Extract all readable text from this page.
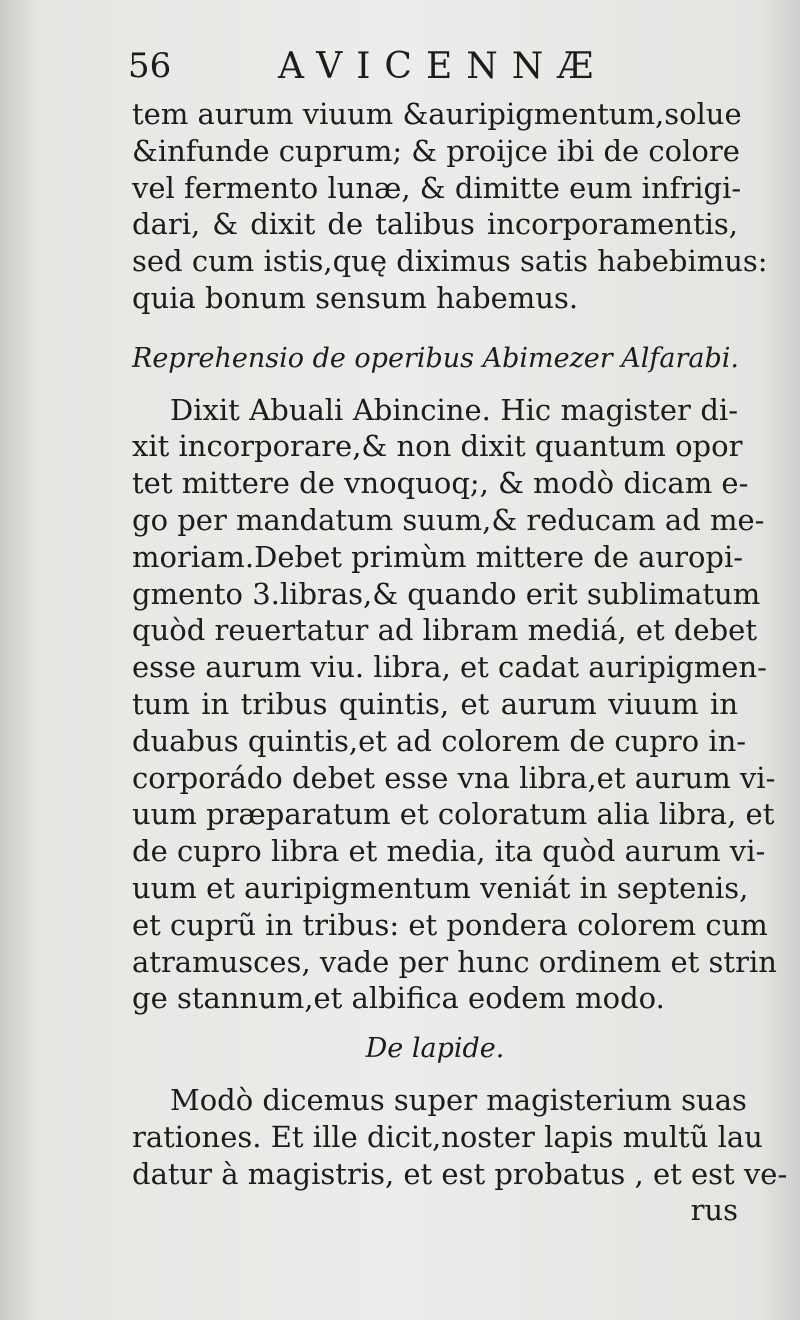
56	AVICENNÆ
tem aurum viuum &auripigmentum,solue
&infunde cuprum; & proijce ibi de colore
vel fermento lunæ, & dimitte eum infrigi-
dari, & dixit de talibus incorporamentis,
sed cum istis,quę diximus satis habebimus:
quia bonum sensum habemus.
Reprehensio de operibus Abimezer Alfarabi.
Dixit Abuali Abincine. Hic magister di-
xit incorporare,& non dixit quantum opor
tet mittere de vnoquoq;, & modò dicam e-
go per mandatum suum,& reducam ad me-
moriam.Debet primùm mittere de auropi-
gmento 3.libras,& quando erit sublimatum
quòd reuertatur ad libram mediá, et debet
esse aurum viu. libra, et cadat auripigmen-
tum in tribus quintis, et aurum viuum in
duabus quintis,et ad colorem de cupro in-
corporádo debet esse vna libra,et aurum vi-
uum præparatum et coloratum alia libra, et
de cupro libra et media, ita quòd aurum vi-
uum et auripigmentum veniát in septenis,
et cuprũ in tribus: et pondera colorem cum
atramusces, vade per hunc ordinem et strin
ge stannum,et albifica eodem modo.
De lapide.
Modò dicemus super magisterium suas
rationes. Et ille dicit,noster lapis multũ lau
datur à magistris, et est probatus , et est ve-
rus
